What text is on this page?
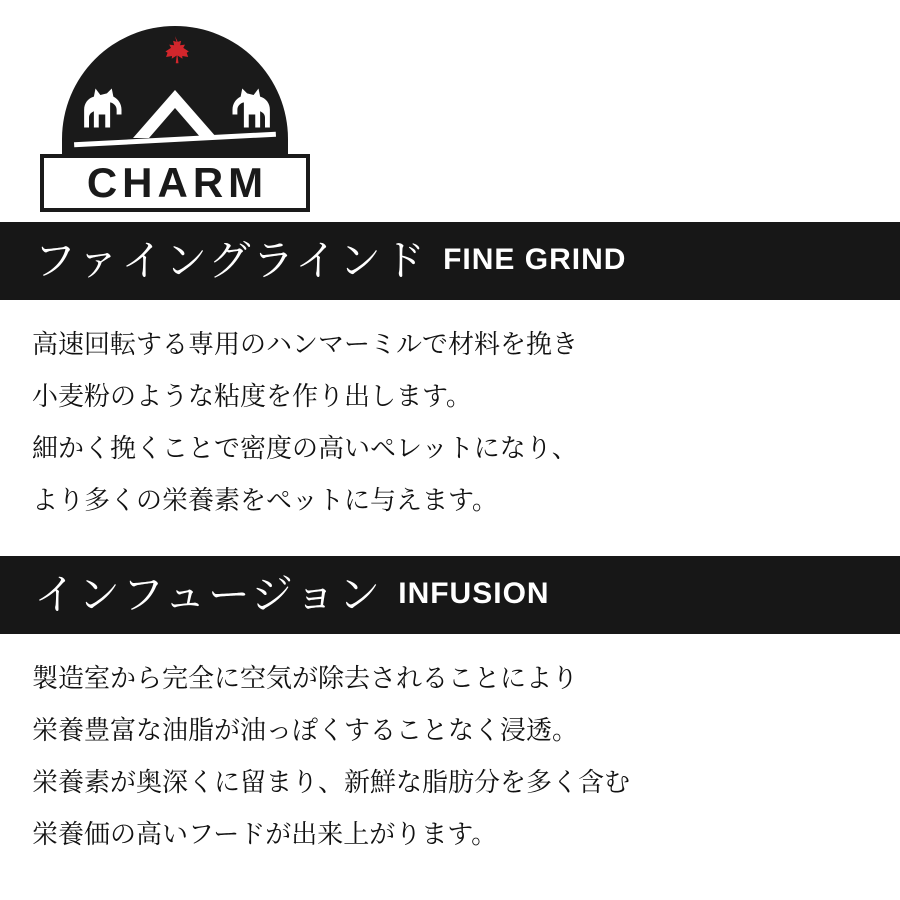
CHARM
ファイングラインド FINE GRIND
高速回転する専用のハンマーミルで材料を挽き
小麦粉のような粘度を作り出します。
細かく挽くことで密度の高いペレットになり、
より多くの栄養素をペットに与えます。
インフュージョン INFUSION
製造室から完全に空気が除去されることにより
栄養豊富な油脂が油っぽくすることなく浸透。
栄養素が奥深くに留まり、新鮮な脂肪分を多く含む
栄養価の高いフードが出来上がります。
